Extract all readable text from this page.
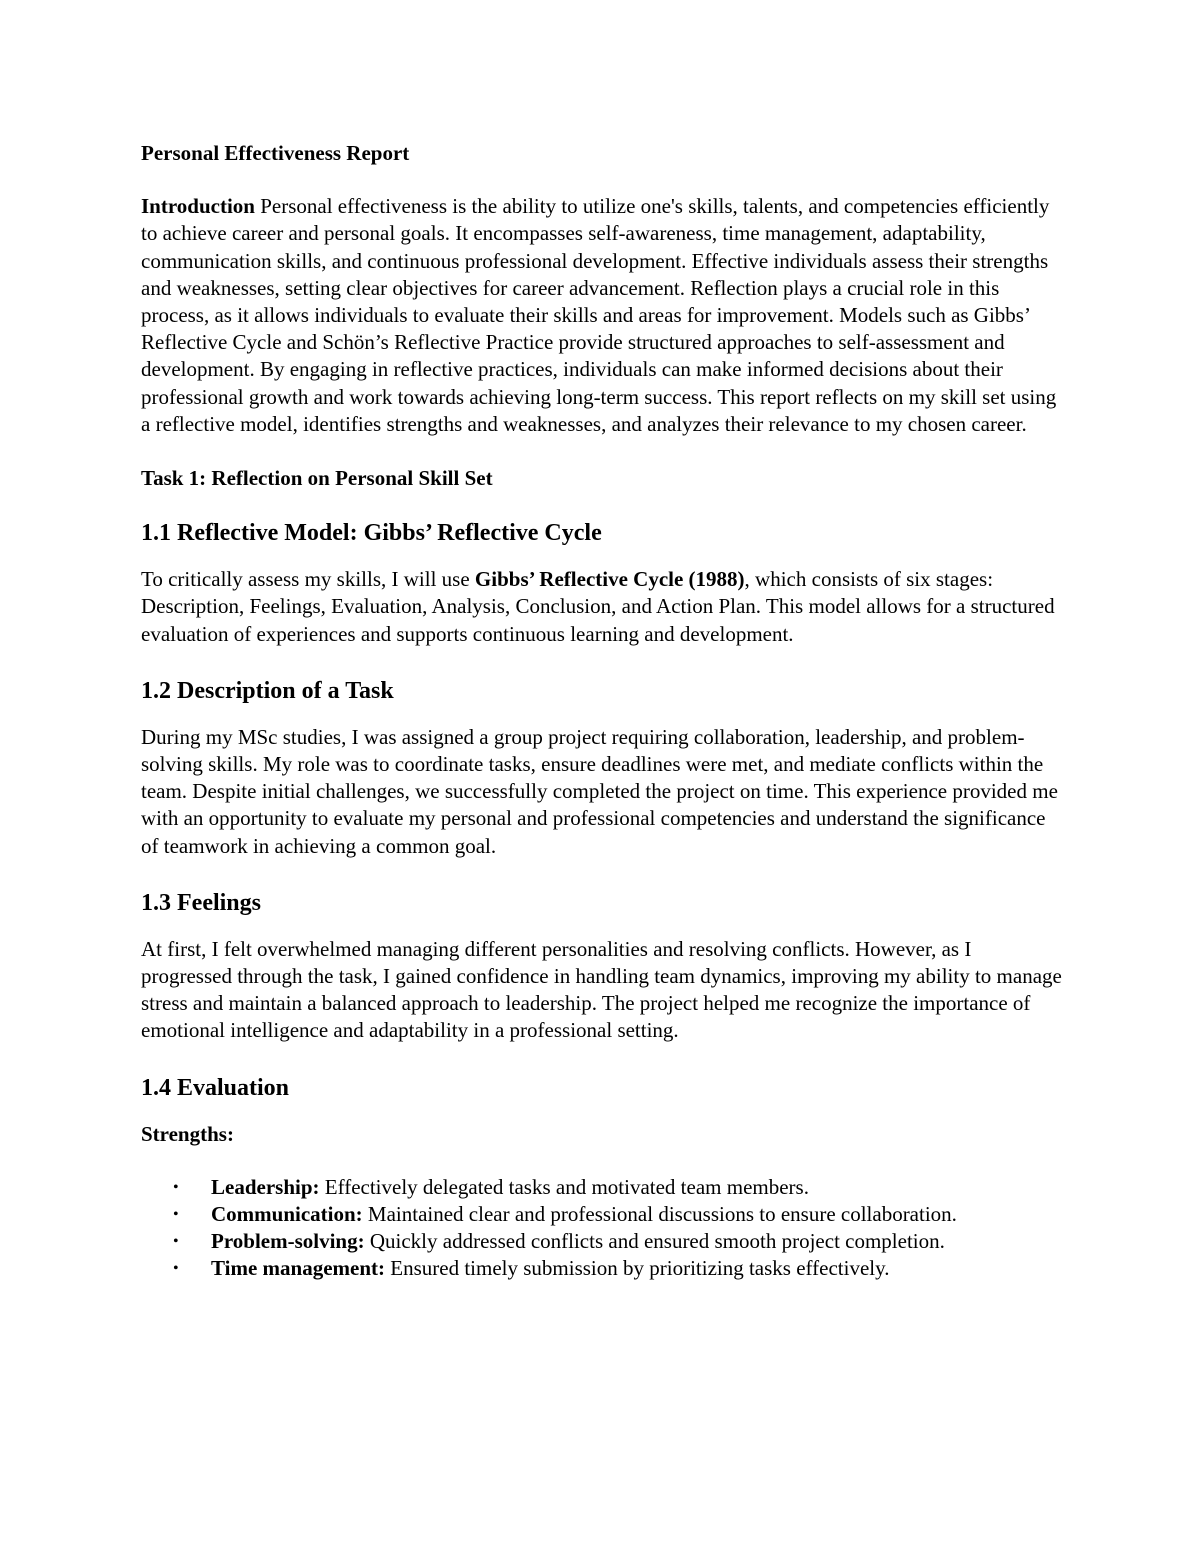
Personal Effectiveness Report

Introduction Personal effectiveness is the ability to utilize one's skills, talents, and competencies efficiently to achieve career and personal goals. It encompasses self-awareness, time management, adaptability, communication skills, and continuous professional development. Effective individuals assess their strengths and weaknesses, setting clear objectives for career advancement. Reflection plays a crucial role in this process, as it allows individuals to evaluate their skills and areas for improvement. Models such as Gibbs’ Reflective Cycle and Schön’s Reflective Practice provide structured approaches to self-assessment and development. By engaging in reflective practices, individuals can make informed decisions about their professional growth and work towards achieving long-term success. This report reflects on my skill set using a reflective model, identifies strengths and weaknesses, and analyzes their relevance to my chosen career.

Task 1: Reflection on Personal Skill Set

1.1 Reflective Model: Gibbs’ Reflective Cycle

To critically assess my skills, I will use Gibbs’ Reflective Cycle (1988), which consists of six stages: Description, Feelings, Evaluation, Analysis, Conclusion, and Action Plan. This model allows for a structured evaluation of experiences and supports continuous learning and development.

1.2 Description of a Task

During my MSc studies, I was assigned a group project requiring collaboration, leadership, and problem-solving skills. My role was to coordinate tasks, ensure deadlines were met, and mediate conflicts within the team. Despite initial challenges, we successfully completed the project on time. This experience provided me with an opportunity to evaluate my personal and professional competencies and understand the significance of teamwork in achieving a common goal.

1.3 Feelings

At first, I felt overwhelmed managing different personalities and resolving conflicts. However, as I progressed through the task, I gained confidence in handling team dynamics, improving my ability to manage stress and maintain a balanced approach to leadership. The project helped me recognize the importance of emotional intelligence and adaptability in a professional setting.

1.4 Evaluation

Strengths:

• Leadership: Effectively delegated tasks and motivated team members.
• Communication: Maintained clear and professional discussions to ensure collaboration.
• Problem-solving: Quickly addressed conflicts and ensured smooth project completion.
• Time management: Ensured timely submission by prioritizing tasks effectively.
